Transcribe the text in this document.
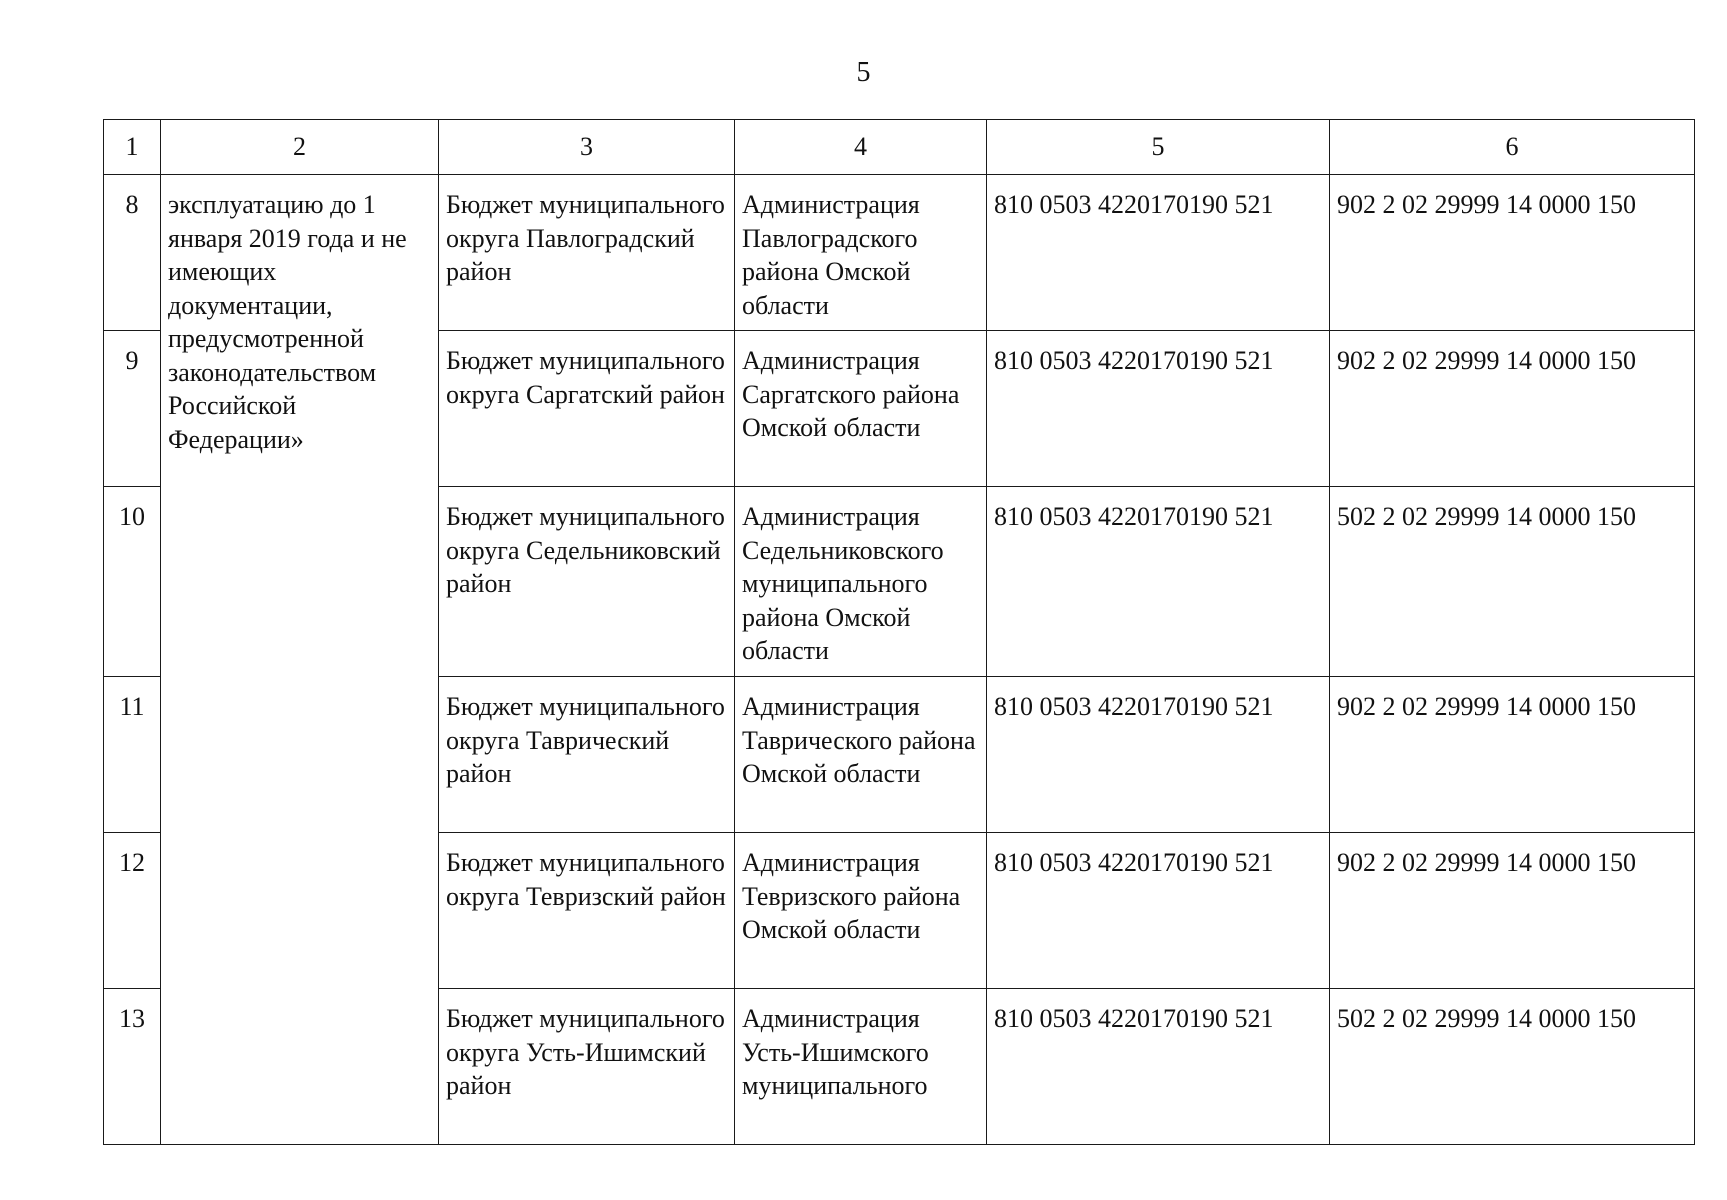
5
1	2	3	4	5	6
8	эксплуатацию до 1 января 2019 года и не имеющих документации, предусмотренной законодательством Российской Федерации»	Бюджет муниципального округа Павлоградский район	Администрация Павлоградского района Омской области	810 0503 4220170190 521	902 2 02 29999 14 0000 150
9		Бюджет муниципального округа Саргатский район	Администрация Саргатского района Омской области	810 0503 4220170190 521	902 2 02 29999 14 0000 150
10		Бюджет муниципального округа Седельниковский район	Администрация Седельниковского муниципального района Омской области	810 0503 4220170190 521	502 2 02 29999 14 0000 150
11		Бюджет муниципального округа Таврический район	Администрация Таврического района Омской области	810 0503 4220170190 521	902 2 02 29999 14 0000 150
12		Бюджет муниципального округа Тевризский район	Администрация Тевризского района Омской области	810 0503 4220170190 521	902 2 02 29999 14 0000 150
13		Бюджет муниципального округа Усть-Ишимский район	Администрация Усть-Ишимского муниципального	810 0503 4220170190 521	502 2 02 29999 14 0000 150
